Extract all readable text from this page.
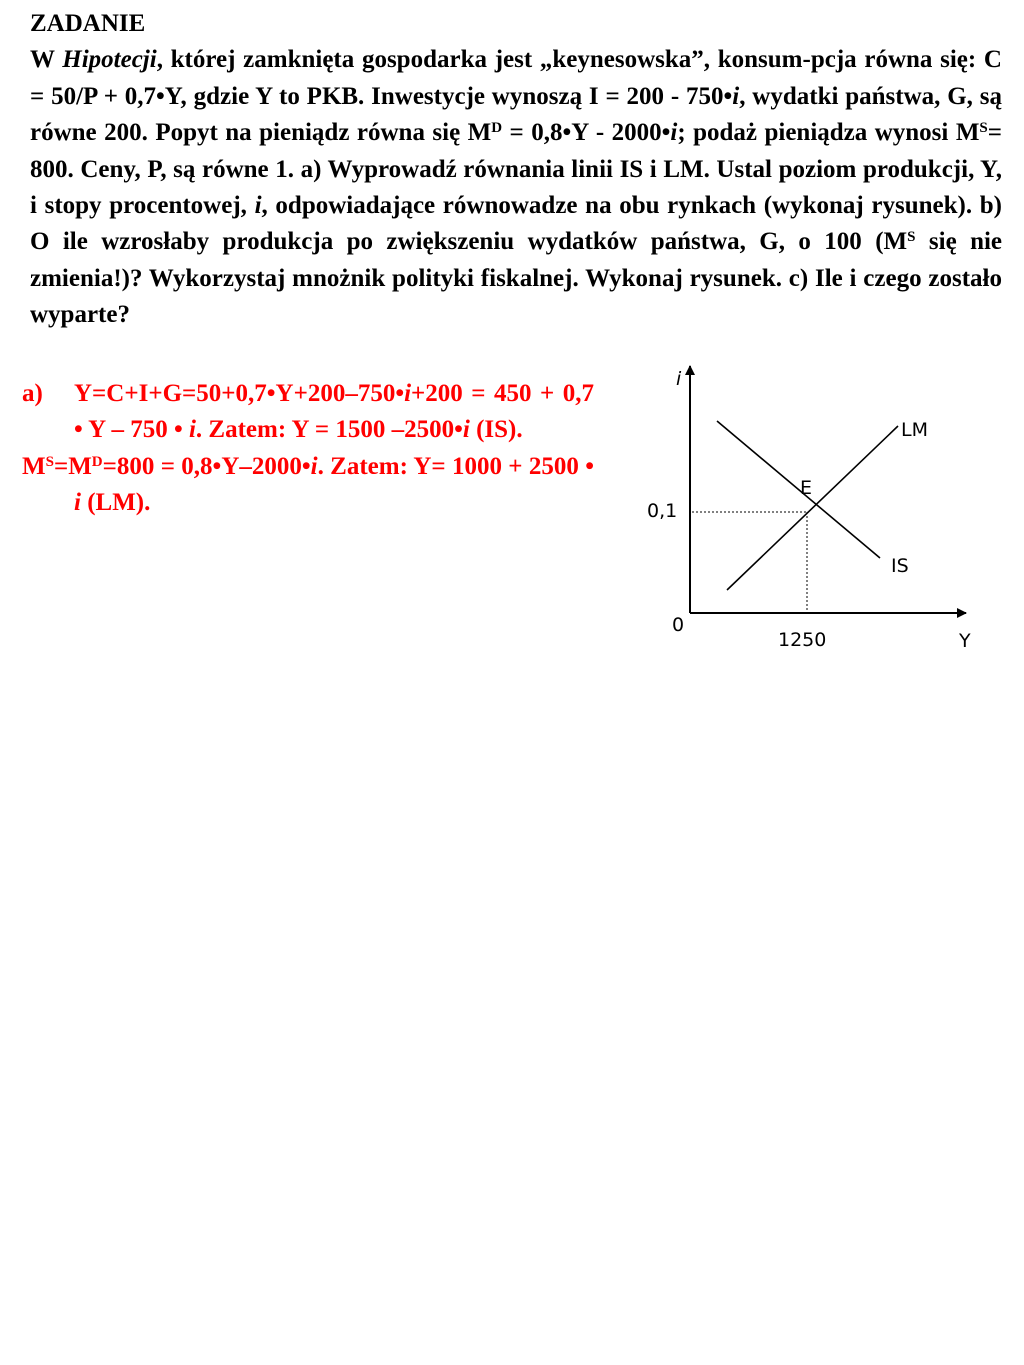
ZADANIE

W Hipotecji, której zamknięta gospodarka jest „keynesowska”, konsum-pcja równa się: C = 50/P + 0,7•Y, gdzie Y to PKB. Inwestycje wynoszą I = 200 - 750•i, wydatki państwa, G, są równe 200. Popyt na pieniądz równa się $M^D$ = 0,8•Y - 2000•i; podaż pieniądza wynosi $M^S= 800$. Ceny, P, są równe 1. a) Wyprowadź równania linii IS i LM. Ustal poziom produkcji, Y, i stopy procentowej, i, odpowiadające równowadze na obu rynkach (wykonaj rysunek). b) O ile wzrosłaby produkcja po zwiększeniu wydatków państwa, G, o 100 ($M^S$ się nie zmienia!)? Wykorzystaj mnożnik polityki fiskalnej. Wykonaj rysunek. c) Ile i czego zostało wyparte?

a) Y=C+I+G=50+0,7•Y+200–750•i+200 = 450 + 0,7 • Y – 750 • i. Zatem: Y = 1500 –2500•i (IS).

$M^S=M^D=800$ = 0,8•Y–2000•i. Zatem: Y= 1000 + 2500 • i (LM).

i
Y
0
LM
IS
E
0,1
1250
